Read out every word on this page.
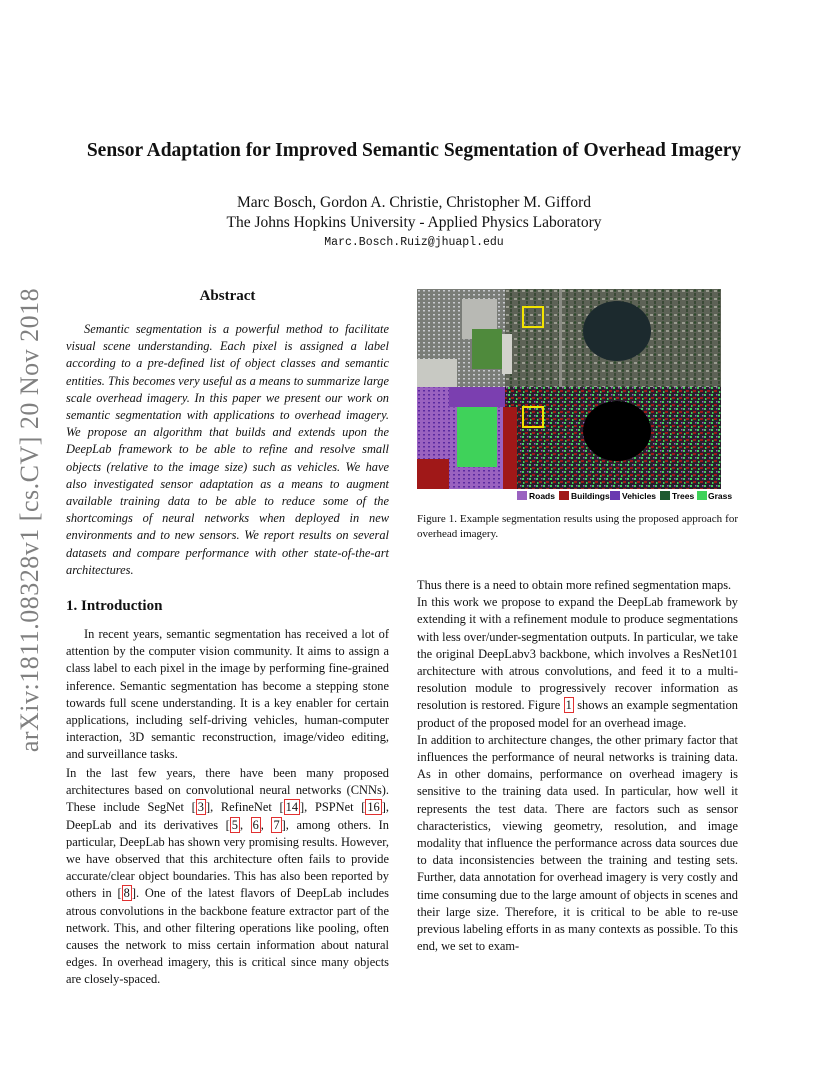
arXiv:1811.08328v1 [cs.CV] 20 Nov 2018
Sensor Adaptation for Improved Semantic Segmentation of Overhead Imagery
Marc Bosch, Gordon A. Christie, Christopher M. Gifford
The Johns Hopkins University - Applied Physics Laboratory
Marc.Bosch.Ruiz@jhuapl.edu
Abstract

Semantic segmentation is a powerful method to facilitate visual scene understanding. Each pixel is assigned a label according to a pre-defined list of object classes and semantic entities. This becomes very useful as a means to summarize large scale overhead imagery. In this paper we present our work on semantic segmentation with applications to overhead imagery. We propose an algorithm that builds and extends upon the DeepLab framework to be able to refine and resolve small objects (relative to the image size) such as vehicles. We have also investigated sensor adaptation as a means to augment available training data to be able to reduce some of the shortcomings of neural networks when deployed in new environments and to new sensors. We report results on several datasets and compare performance with other state-of-the-art architectures.

1. Introduction

In recent years, semantic segmentation has received a lot of attention by the computer vision community. It aims to assign a class label to each pixel in the image by performing fine-grained inference. Semantic segmentation has become a stepping stone towards full scene understanding. It is a key enabler for certain applications, including self-driving vehicles, human-computer interaction, 3D semantic reconstruction, image/video editing, and surveillance tasks.

In the last few years, there have been many proposed architectures based on convolutional neural networks (CNNs). These include SegNet [ 3 ], RefineNet [ 14 ], PSPNet [ 16 ], DeepLab and its derivatives [ 5 , 6 , 7 ], among others. In particular, DeepLab has shown very promising results. However, we have observed that this architecture often fails to provide accurate/clear object boundaries. This has also been reported by others in [ 8 ]. One of the latest flavors of DeepLab includes atrous convolutions in the backbone feature extractor part of the network. This, and other filtering operations like pooling, often causes the network to miss certain information about natural edges. In overhead imagery, this is critical since many objects are closely-spaced.

Thus there is a need to obtain more refined segmentation maps.

In this work we propose to expand the DeepLab framework by extending it with a refinement module to produce segmentations with less over/under-segmentation outputs. In particular, we take the original DeepLabv3 backbone, which involves a ResNet101 architecture with atrous convolutions, and feed it to a multi-resolution module to progressively recover information as resolution is restored. Figure 1 shows an example segmentation product of the proposed model for an overhead image.

In addition to architecture changes, the other primary factor that influences the performance of neural networks is training data. As in other domains, performance on overhead imagery is sensitive to the training data used. In particular, how well it represents the test data. There are factors such as sensor characteristics, viewing geometry, resolution, and image modality that influence the performance across data sources due to data inconsistencies between the training and testing sets. Further, data annotation for overhead imagery is very costly and time consuming due to the large amount of objects in scenes and their large size. Therefore, it is critical to be able to re-use previous labeling efforts in as many contexts as possible. To this end, we set to exam-

Roads Buildings Vehicles Trees Grass

Figure 1. Example segmentation results using the proposed approach for overhead imagery.
